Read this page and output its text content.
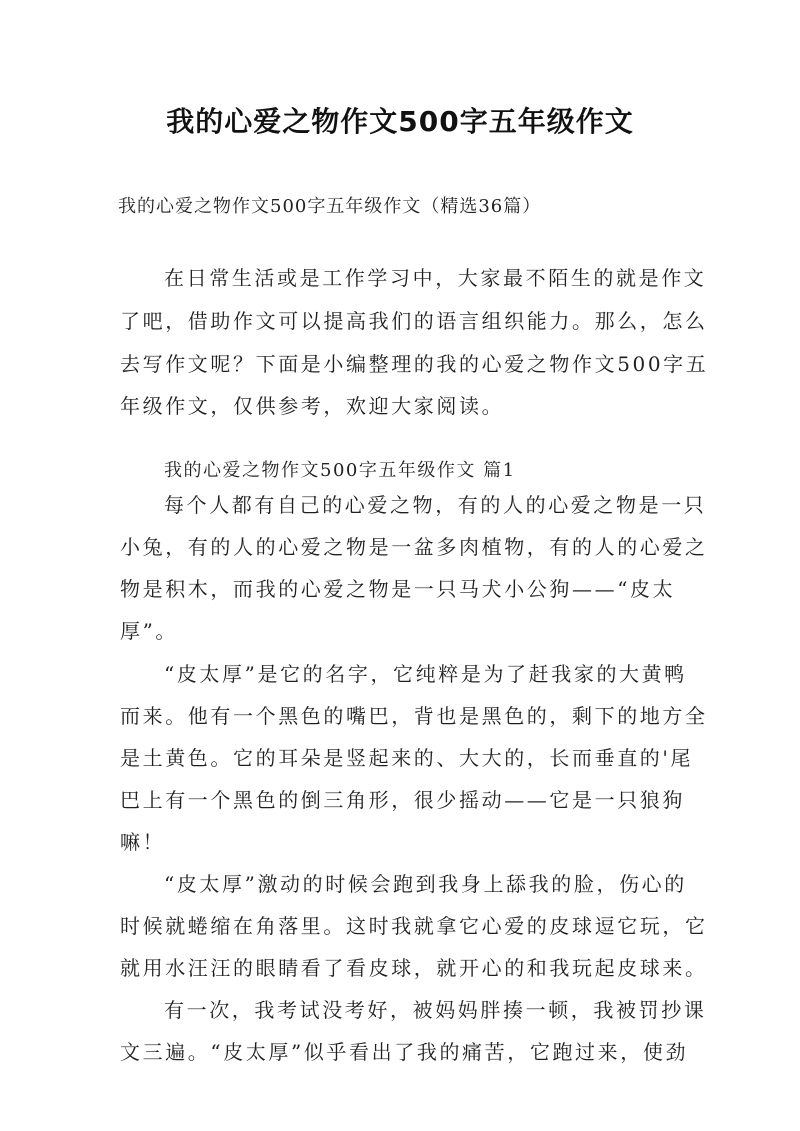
我的心爱之物作文500字五年级作文
我的心爱之物作文500字五年级作文（精选36篇）
在日常生活或是工作学习中，大家最不陌生的就是作文
了吧，借助作文可以提高我们的语言组织能力。那么，怎么
去写作文呢？下面是小编整理的我的心爱之物作文500字五
年级作文，仅供参考，欢迎大家阅读。
我的心爱之物作文500字五年级作文 篇1
每个人都有自己的心爱之物，有的人的心爱之物是一只
小兔，有的人的心爱之物是一盆多肉植物，有的人的心爱之
物是积木，而我的心爱之物是一只马犬小公狗——“皮太
厚”。
“皮太厚”是它的名字，它纯粹是为了赶我家的大黄鸭
而来。他有一个黑色的嘴巴，背也是黑色的，剩下的地方全
是土黄色。它的耳朵是竖起来的、大大的，长而垂直的'尾
巴上有一个黑色的倒三角形，很少摇动——它是一只狼狗
嘛！
“皮太厚”激动的时候会跑到我身上舔我的脸，伤心的
时候就蜷缩在角落里。这时我就拿它心爱的皮球逗它玩，它
就用水汪汪的眼睛看了看皮球，就开心的和我玩起皮球来。
有一次，我考试没考好，被妈妈胖揍一顿，我被罚抄课
文三遍。“皮太厚”似乎看出了我的痛苦，它跑过来，使劲
